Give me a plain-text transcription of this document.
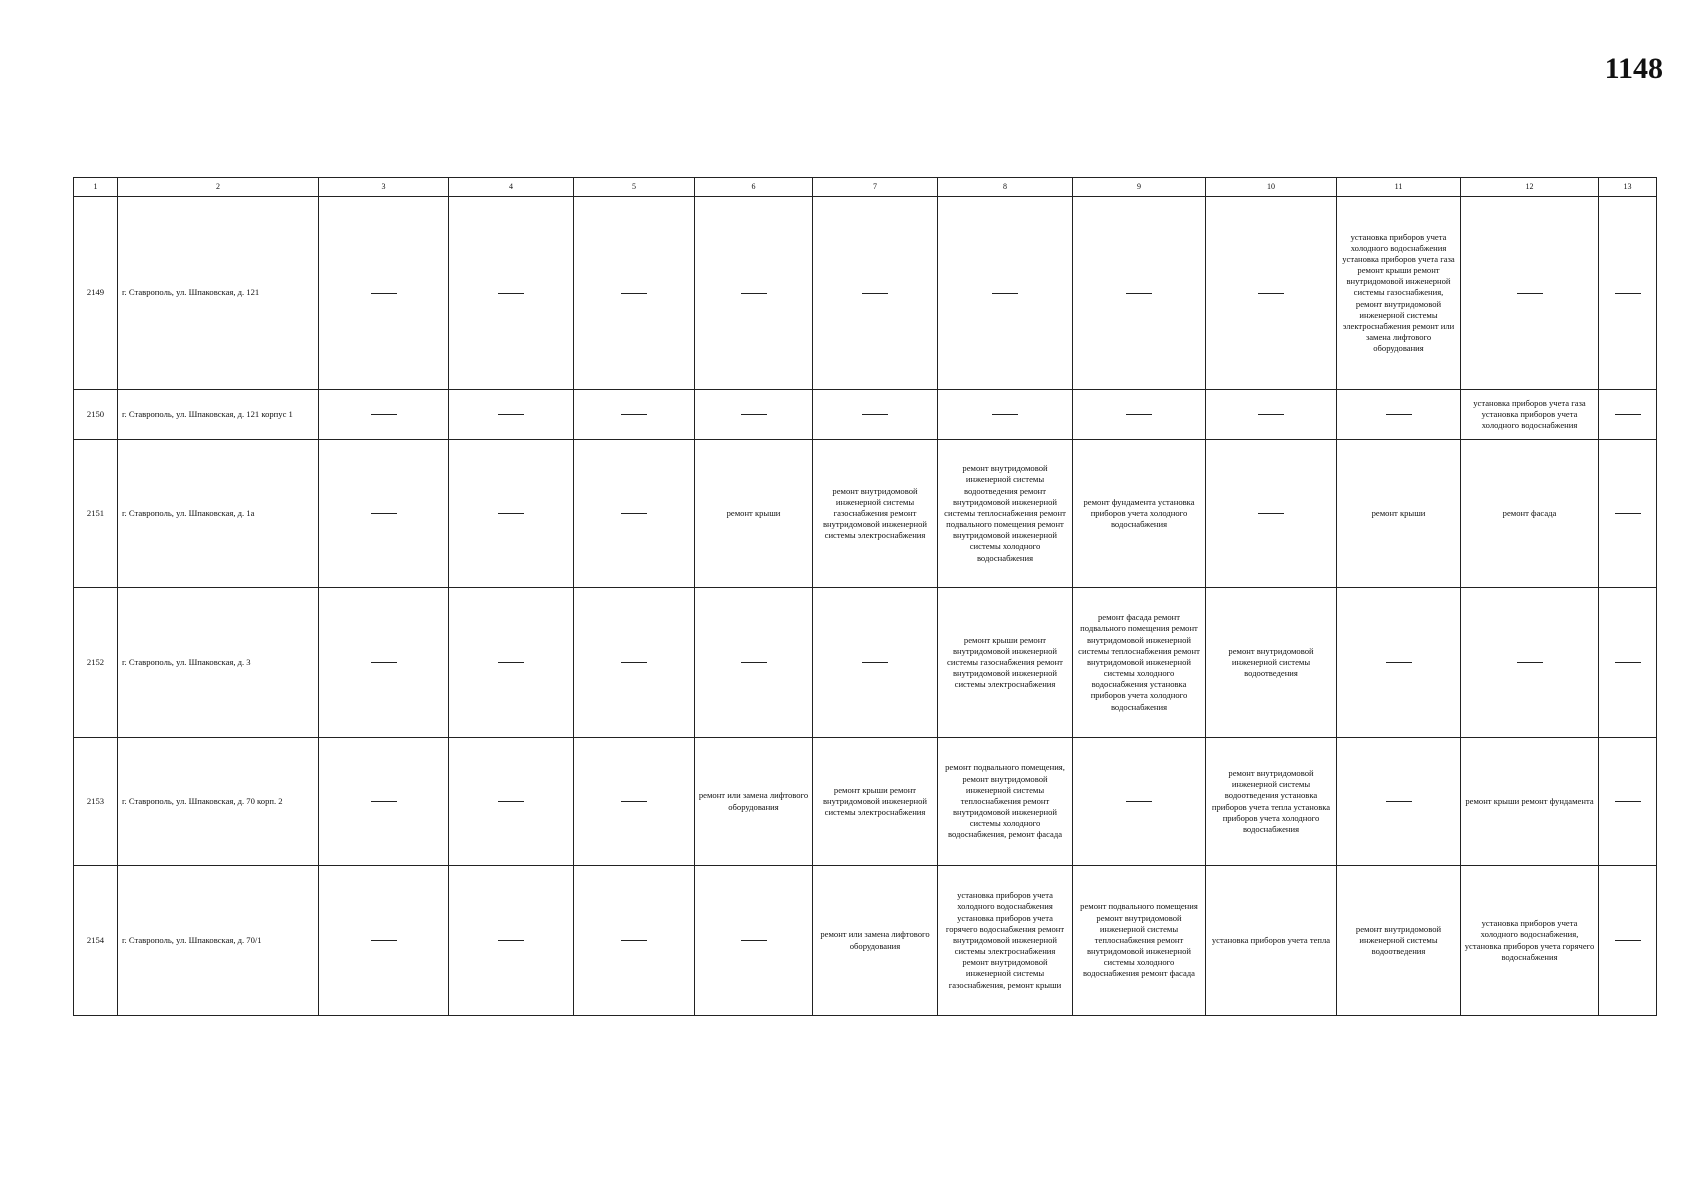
1148
1	2	3	4	5	6	7	8	9	10	11	12	13
2149	г. Ставрополь, ул. Шпаковская, д. 121									установка приборов учета холодного водоснабжения установка приборов учета газа ремонт крыши ремонт внутридомовой инженерной системы газоснабжения, ремонт внутридомовой инженерной системы электроснабжения ремонт или замена лифтового оборудования		
2150	г. Ставрополь, ул. Шпаковская, д. 121 корпус 1										установка приборов учета газа установка приборов учета холодного водоснабжения	
2151	г. Ставрополь, ул. Шпаковская, д. 1а				ремонт крыши	ремонт внутридомовой инженерной системы газоснабжения ремонт внутридомовой инженерной системы электроснабжения	ремонт внутридомовой инженерной системы водоотведения ремонт внутридомовой инженерной системы теплоснабжения ремонт подвального помещения ремонт внутридомовой инженерной системы холодного водоснабжения	ремонт фундамента установка приборов учета холодного водоснабжения		ремонт крыши	ремонт фасада	
2152	г. Ставрополь, ул. Шпаковская, д. 3						ремонт крыши ремонт внутридомовой инженерной системы газоснабжения ремонт внутридомовой инженерной системы электроснабжения	ремонт фасада ремонт подвального помещения ремонт внутридомовой инженерной системы теплоснабжения ремонт внутридомовой инженерной системы холодного водоснабжения установка приборов учета холодного водоснабжения	ремонт внутридомовой инженерной системы водоотведения			
2153	г. Ставрополь, ул. Шпаковская, д. 70 корп. 2				ремонт или замена лифтового оборудования	ремонт крыши ремонт внутридомовой инженерной системы электроснабжения	ремонт подвального помещения, ремонт внутридомовой инженерной системы теплоснабжения ремонт внутридомовой инженерной системы холодного водоснабжения, ремонт фасада		ремонт внутридомовой инженерной системы водоотведения установка приборов учета тепла установка приборов учета холодного водоснабжения		ремонт крыши ремонт фундамента	
2154	г. Ставрополь, ул. Шпаковская, д. 70/1					ремонт или замена лифтового оборудования	установка приборов учета холодного водоснабжения установка приборов учета горячего водоснабжения ремонт внутридомовой инженерной системы электроснабжения ремонт внутридомовой инженерной системы газоснабжения, ремонт крыши	ремонт подвального помещения ремонт внутридомовой инженерной системы теплоснабжения ремонт внутридомовой инженерной системы холодного водоснабжения ремонт фасада	установка приборов учета тепла	ремонт внутридомовой инженерной системы водоотведения	установка приборов учета холодного водоснабжения, установка приборов учета горячего водоснабжения	
